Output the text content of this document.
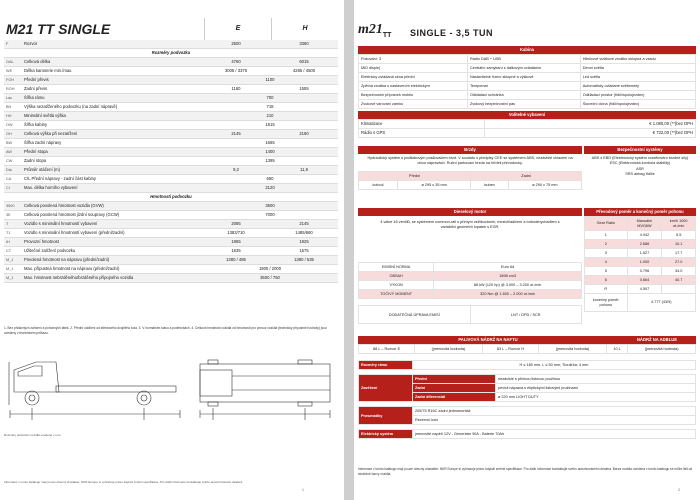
M21 TT SINGLE	E	H
F	Rozvor	2500	3360
Rozměry podvozku			
OAL	Celková délka	4760	6015
WE	Délka karoserie min./max.	3005 / 3375	4265 / 4500
FOH	Přední převis	1100	
ROH	Zadní převis	1160	1555
Lac	Šířka rámu	700	
BH	Výška nezatíženého podvozku (na zadní nápravě)	718	
HH	Minimální světlá výška	210	
OW	Šířka kabiny	1815	
OH	Celková výška při nezatížení	2145	2160
BW	Šířka zadní nápravy	1665	
AW	Přední stopa	1400	
CW	Zadní stopa	1395	
Dia	Průměr otáčení (m)	9,2	11,9
CA	C/L Přední nápravy - zadní část kabiny	650	
CI	Max. délka horního vybavení	2120	
Hmotnosti podvozku			
3500	Celková povolená hmotnost vozidla (GVW)	3500	
3E	Celková povolená hmotnost jízdní soupravy (GCW)	7000	
T	Vozidlo s minimální hmotností vybavení	2085	2145
T1	Vozidlo s minimální hmotností vybavení (přední/zadní)	1383/710	1485/660
IH	Provozní hmotnost	1865	1925
CT	Užitečné zatížení podvozku	1635	1575
M_1	Povolená hmotnost na nápravu (přední/zadní)	1380 / 485	1380 / 535
M_1	Max. přípustná hmotnost na nápravu (přední/zadní)	1900 / 2000	
M_1	Max. hmotnost nebrzděného/brzděného přípojného vozidla	3500 / 750	
1. Bez přídavných zařízení a pohonných látek. 2. Přední oddílení od středového dvojitého kola. 3. V normálním stavu a podmínkách. 4. Celková hmotnost vozidla od hmotnosti pro provoz vozidla (technicky přípustné hodnoty) jsou uvedeny v technickém průkazu.
Rozměry podvozku vozidla uvedené v mm.
Informace v tomto katalogu mají pouze obecný charakter. NKR Europe si vyhrazuje právo kdykoli změnit specifikace. Pro další informace kontaktujte svého autorizovaného dealera.
1
$m21_{TT}$ SINGLE - 3,5 TUN
Kabina
Pokování: 3	Rádio DAB + USB	Hliníkové vizitkové zrcátko sklopná a vzadu
MID displej	Centrální zamykání s dálkovým ovládáním	Denní světla
Elektricky ovládaná okna přední	Nastavitelné řízení sklopné a výškově	Led světla
Zpětná zrcátka s nastavením elektrickým	Tempomat	Automaticky ovládané světlomety
Bezpečnostní přípravek mobilu	Odkládací schránka	Odkládací prostor (řidič/spolujezdec)
Zvukové varování zámku	Zvukový bezpečnostní pás	Sluneční clona (řidič/spolujezdec)
Volitelné vybavení
Klimatizace	€ 1.080,00 (**)bez DPH
Rádio s GPS	€ 732,00 (**)bez DPH
Brzdy
Hydraulický systém s podtlakovým posilovačem brzd. V souladu s předpisy CEE se systémem ABS, nezávislé chlazení na obou nápravách. Ruční parkovací brzda na hřídeli převodovky.
Přední		Zadní	
kotouč	ø 295 x 35 mm	buben	ø 290 x 75 mm
Bezpečnostní systémy
ABS s EBD (Elektronický systém rozdělování brzdné síly)
ESC (Elektronická kontrola stability)
ASR
SRS airbag řidiče
Dieselový motor
4 válce 16 ventilů, se systémem common-rail s přímým vstřikováním, mezichladičem a turbodmychadlem s variabilní geometrií lopatek s EGR.
EMISNÍ NORMA	Euro 6d
OBSAH	1898 cm3
VÝKON	88 kW (120 hp) @ 3.000 – 3.200 ot./min
TOČIVÝ MOMENT	320 Nm @ 1.600 – 2.000 ot./min
DODATEČNÁ ÚPRAVA EMISÍ	LNT / DPD / SCR
Převodový poměr a konečný poměr pohonu
Gear Ratio	Manuální MVG6W	km/h 1000 ot./min
1	4.942	5.5
2	2.686	10.1
3	1.527	17.7
4	1.000	27.0
5	0.796	34.0
6	0.664	40.7
R	4.597	
konečný poměr pohonu	4.777 (43/9)	
PALIVOVÁ NÁDRŽ NA NAFTU	NÁDRŽ NA ADBLUE
88 L – Rozvor E	(jmenovitá hodnota)	83 L – Rozvor H	(jmenovitá hodnota)	10 L	(jmenovitá hodnota)
Rozměry rámu	H ≤ 180 mm, L ≤ 50 mm; Tloušťka: 4 mm
Zavěšení	Přední	nezávislé s příčnou listovou pružinou
	Zadní	pevná náprava s eliptickými listovými pružinami
	Zadní diferenciál	ø 220 mm LIGHT DUTY
Pneumatiky	205/75 R16C zadní jednomontáž
Rezervní kolo
Elektrický systém	jmenovité napětí 12V - Generátor 90A - Baterie 70Ah
Informace v tomto katalogu mají pouze obecný charakter. NKR Europe si vyhrazuje právo kdykoli změnit specifikace. Pro další informace kontaktujte svého autorizovaného dealera. Barva vozidla uvedená v tomto katalogu se může lišit od skutečné barvy vozidla.
2
